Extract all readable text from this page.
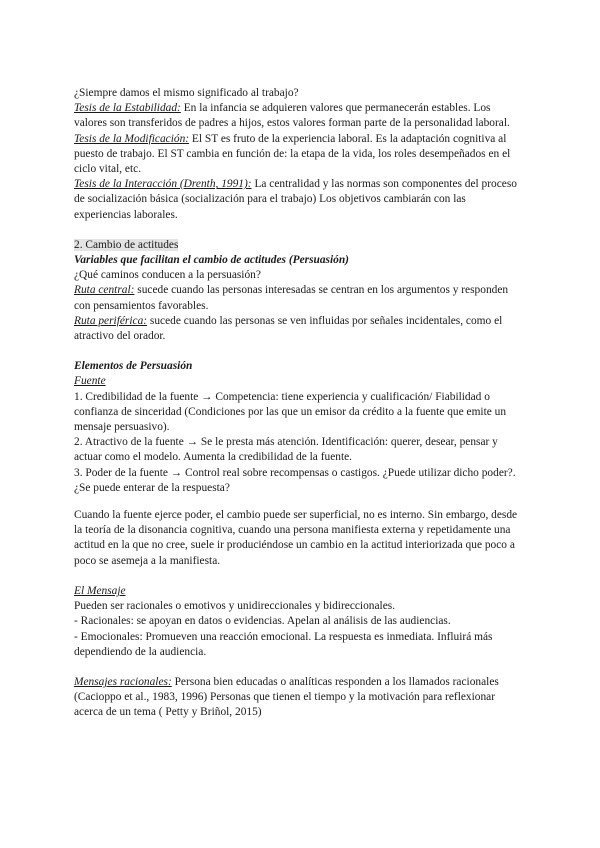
¿Siempre damos el mismo significado al trabajo?

Tesis de la Estabilidad: En la infancia se adquieren valores que permanecerán estables. Los valores son transferidos de padres a hijos, estos valores forman parte de la personalidad laboral.

Tesis de la Modificación: El ST es fruto de la experiencia laboral. Es la adaptación cognitiva al puesto de trabajo. El ST cambia en función de: la etapa de la vida, los roles desempeñados en el ciclo vital, etc.

Tesis de la Interacción (Drenth, 1991): La centralidad y las normas son componentes del proceso de socialización básica (socialización para el trabajo) Los objetivos cambiarán con las experiencias laborales.

2. Cambio de actitudes

Variables que facilitan el cambio de actitudes (Persuasión)

¿Qué caminos conducen a la persuasión?

Ruta central: sucede cuando las personas interesadas se centran en los argumentos y responden con pensamientos favorables.

Ruta periférica: sucede cuando las personas se ven influidas por señales incidentales, como el atractivo del orador.

Elementos de Persuasión

Fuente

1. Credibilidad de la fuente → Competencia: tiene experiencia y cualificación/ Fiabilidad o confianza de sinceridad (Condiciones por las que un emisor da crédito a la fuente que emite un mensaje persuasivo).

2. Atractivo de la fuente → Se le presta más atención. Identificación: querer, desear, pensar y actuar como el modelo. Aumenta la credibilidad de la fuente.

3. Poder de la fuente → Control real sobre recompensas o castigos. ¿Puede utilizar dicho poder?. ¿Se puede enterar de la respuesta?

Cuando la fuente ejerce poder, el cambio puede ser superficial, no es interno. Sin embargo, desde la teoría de la disonancia cognitiva, cuando una persona manifiesta externa y repetidamente una actitud en la que no cree, suele ir produciéndose un cambio en la actitud interiorizada que poco a poco se asemeja a la manifiesta.

El Mensaje

Pueden ser racionales o emotivos y unidireccionales y bidireccionales.

- Racionales: se apoyan en datos o evidencias. Apelan al análisis de las audiencias.

- Emocionales: Promueven una reacción emocional. La respuesta es inmediata. Influirá más dependiendo de la audiencia.

Mensajes racionales: Persona bien educadas o analíticas responden a los llamados racionales (Cacioppo et al., 1983, 1996) Personas que tienen el tiempo y la motivación para reflexionar acerca de un tema ( Petty y Briñol, 2015)
